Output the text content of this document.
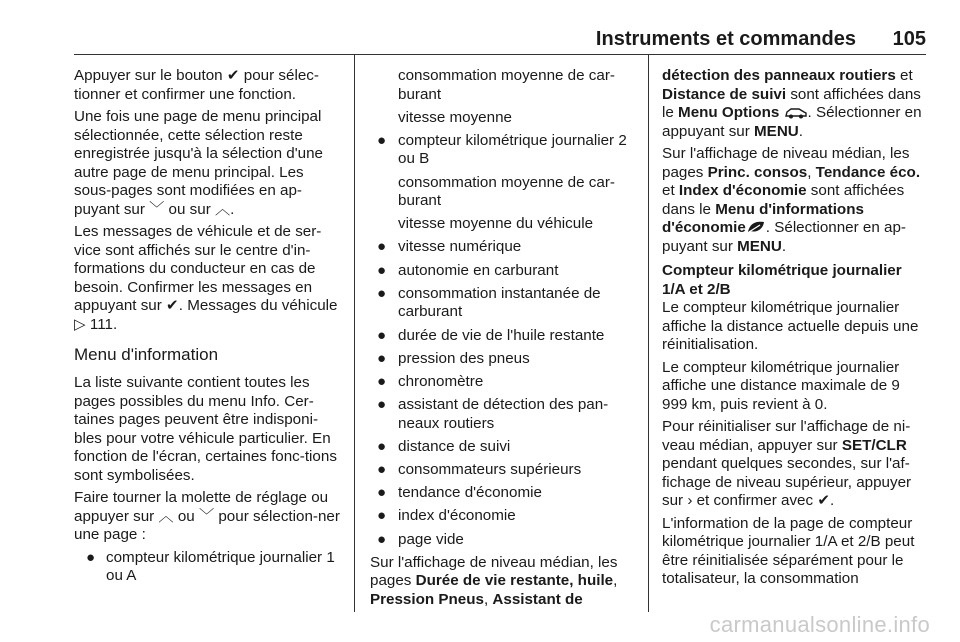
Instruments et commandes 105

Appuyer sur le bouton ✔ pour sélec-tionner et confirmer une fonction.

Une fois une page de menu principal sélectionnée, cette sélection reste enregistrée jusqu'à la sélection d'une autre page de menu principal. Les sous-pages sont modifiées en ap-puyant sur ﹀ ou sur ︿.

Les messages de véhicule et de ser-vice sont affichés sur le centre d'in-formations du conducteur en cas de besoin. Confirmer les messages en appuyant sur ✔. Messages du véhicule ▷ 111.

Menu d'information

La liste suivante contient toutes les pages possibles du menu Info. Cer-taines pages peuvent être indisponi-bles pour votre véhicule particulier. En fonction de l'écran, certaines fonc-tions sont symbolisées.

Faire tourner la molette de réglage ou appuyer sur ︿ ou ﹀ pour sélection-ner une page :

● compteur kilométrique journalier 1 ou A
consommation moyenne de car-burant
vitesse moyenne
● compteur kilométrique journalier 2 ou B
consommation moyenne de car-burant
vitesse moyenne du véhicule
● vitesse numérique
● autonomie en carburant
● consommation instantanée de carburant
● durée de vie de l'huile restante
● pression des pneus
● chronomètre
● assistant de détection des pan-neaux routiers
● distance de suivi
● consommateurs supérieurs
● tendance d'économie
● index d'économie
● page vide

Sur l'affichage de niveau médian, les pages Durée de vie restante, huile, Pression Pneus, Assistant de

détection des panneaux routiers et Distance de suivi sont affichées dans le Menu Options . Sélectionner en appuyant sur MENU.

Sur l'affichage de niveau médian, les pages Princ. consos, Tendance éco. et Index d'économie sont affichées dans le Menu d'informations d'économie . Sélectionner en ap-puyant sur MENU.

Compteur kilométrique journalier 1/A et 2/B

Le compteur kilométrique journalier affiche la distance actuelle depuis une réinitialisation.

Le compteur kilométrique journalier affiche une distance maximale de 9 999 km, puis revient à 0.

Pour réinitialiser sur l'affichage de ni-veau médian, appuyer sur SET/CLR pendant quelques secondes, sur l'af-fichage de niveau supérieur, appuyer sur › et confirmer avec ✔.

L'information de la page de compteur kilométrique journalier 1/A et 2/B peut être réinitialisée séparément pour le totalisateur, la consommation

carmanualsonline.info
